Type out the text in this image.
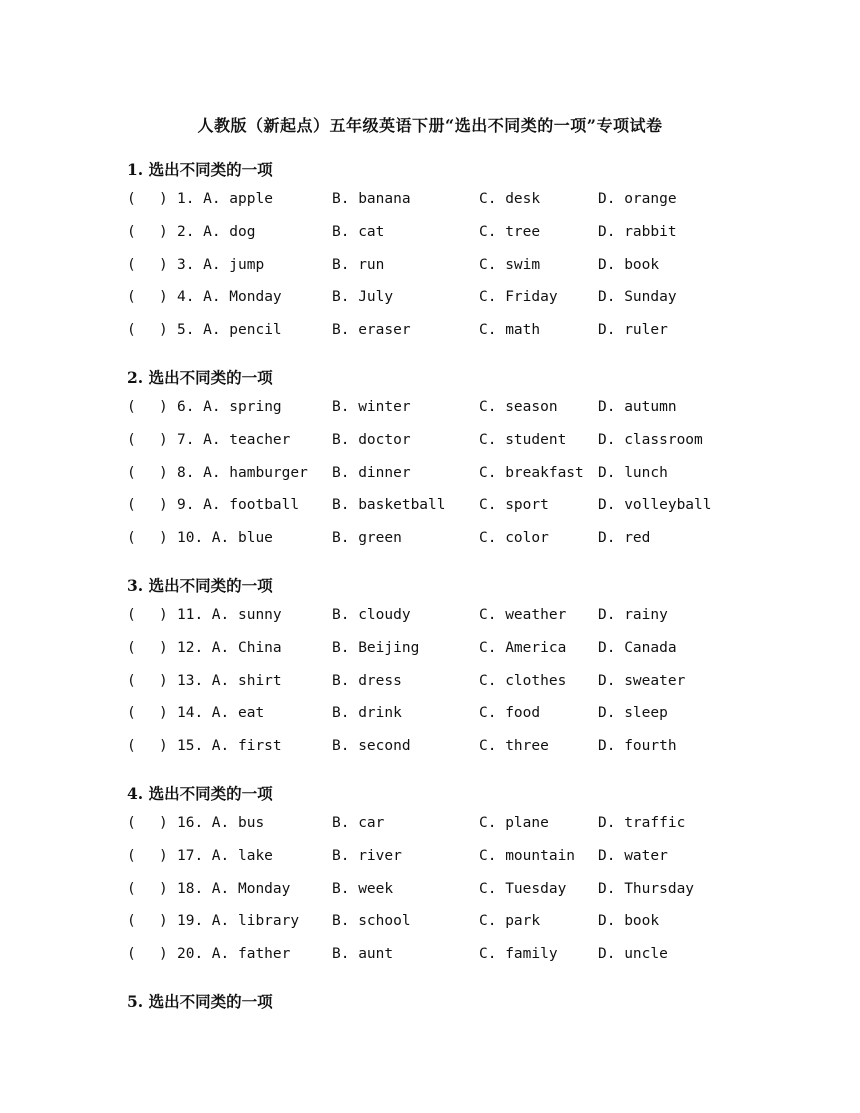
人教版（新起点）五年级英语下册“选出不同类的一项”专项试卷
1. 选出不同类的一项
( ) 1. A. apple	B. banana	C. desk	D. orange
( ) 2. A. dog	B. cat	C. tree	D. rabbit
( ) 3. A. jump	B. run	C. swim	D. book
( ) 4. A. Monday	B. July	C. Friday	D. Sunday
( ) 5. A. pencil	B. eraser	C. math	D. ruler
2. 选出不同类的一项
( ) 6. A. spring	B. winter	C. season	D. autumn
( ) 7. A. teacher	B. doctor	C. student D. classroom
( ) 8. A. hamburger B. dinner	C. breakfast D. lunch
( ) 9. A. football B. basketball C. sport	D. volleyball
( ) 10. A. blue	B. green	C. color	D. red
3. 选出不同类的一项
( ) 11. A. sunny	B. cloudy	C. weather D. rainy
( ) 12. A. China	B. Beijing	C. America D. Canada
( ) 13. A. shirt	B. dress	C. clothes D. sweater
( ) 14. A. eat	B. drink	C. food	D. sleep
( ) 15. A. first	B. second	C. three	D. fourth
4. 选出不同类的一项
( ) 16. A. bus	B. car	C. plane	D. traffic
( ) 17. A. lake	B. river	C. mountain D. water
( ) 18. A. Monday	B. week	C. Tuesday D. Thursday
( ) 19. A. library B. school	C. park	D. book
( ) 20. A. father	B. aunt	C. family	D. uncle
5. 选出不同类的一项
